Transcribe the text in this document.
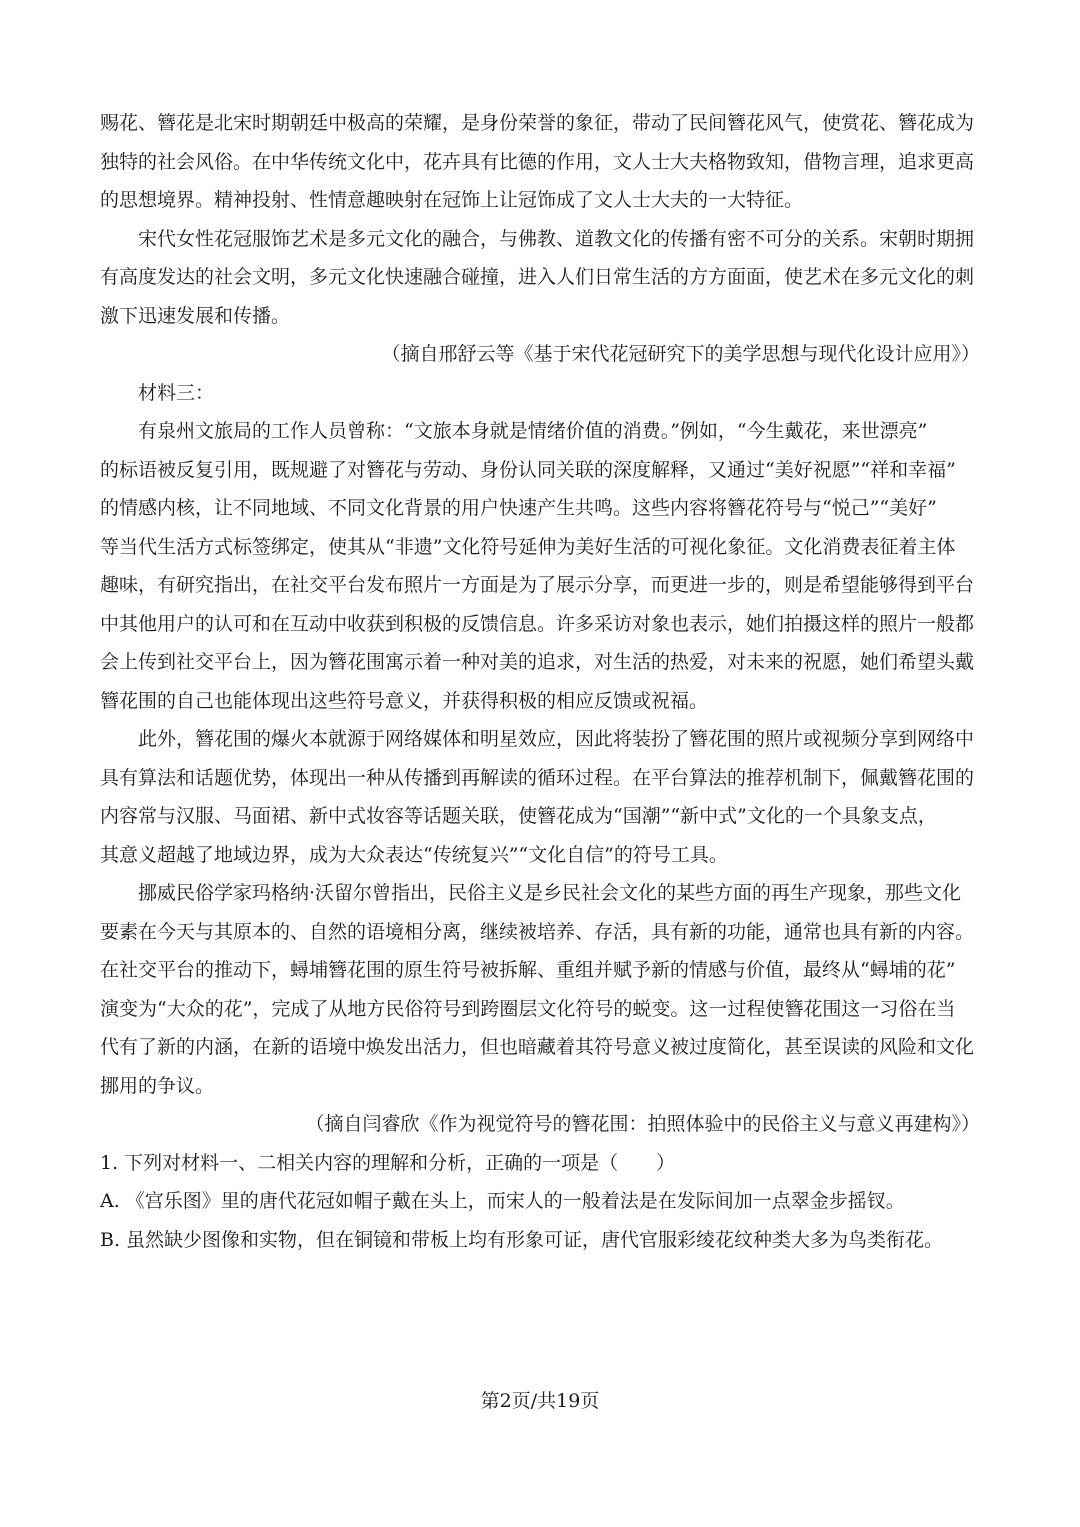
赐花、簪花是北宋时期朝廷中极高的荣耀，是身份荣誉的象征，带动了民间簪花风气，使赏花、簪花成为
独特的社会风俗。在中华传统文化中，花卉具有比德的作用，文人士大夫格物致知，借物言理，追求更高
的思想境界。精神投射、性情意趣映射在冠饰上让冠饰成了文人士大夫的一大特征。
宋代女性花冠服饰艺术是多元文化的融合，与佛教、道教文化的传播有密不可分的关系。宋朝时期拥
有高度发达的社会文明，多元文化快速融合碰撞，进入人们日常生活的方方面面，使艺术在多元文化的刺
激下迅速发展和传播。
（摘自邢舒云等《基于宋代花冠研究下的美学思想与现代化设计应用》）
材料三：
有泉州文旅局的工作人员曾称：“文旅本身就是情绪价值的消费。”例如，“今生戴花，来世漂亮”
的标语被反复引用，既规避了对簪花与劳动、身份认同关联的深度解释，又通过“美好祝愿”“祥和幸福”
的情感内核，让不同地域、不同文化背景的用户快速产生共鸣。这些内容将簪花符号与“悦己”“美好”
等当代生活方式标签绑定，使其从“非遗”文化符号延伸为美好生活的可视化象征。文化消费表征着主体
趣味，有研究指出，在社交平台发布照片一方面是为了展示分享，而更进一步的，则是希望能够得到平台
中其他用户的认可和在互动中收获到积极的反馈信息。许多采访对象也表示，她们拍摄这样的照片一般都
会上传到社交平台上，因为簪花围寓示着一种对美的追求，对生活的热爱，对未来的祝愿，她们希望头戴
簪花围的自己也能体现出这些符号意义，并获得积极的相应反馈或祝福。
此外，簪花围的爆火本就源于网络媒体和明星效应，因此将装扮了簪花围的照片或视频分享到网络中
具有算法和话题优势，体现出一种从传播到再解读的循环过程。在平台算法的推荐机制下，佩戴簪花围的
内容常与汉服、马面裙、新中式妆容等话题关联，使簪花成为“国潮”“新中式”文化的一个具象支点，
其意义超越了地域边界，成为大众表达“传统复兴”“文化自信”的符号工具。
挪威民俗学家玛格纳·沃留尔曾指出，民俗主义是乡民社会文化的某些方面的再生产现象，那些文化
要素在今天与其原本的、自然的语境相分离，继续被培养、存活，具有新的功能，通常也具有新的内容。
在社交平台的推动下，蟳埔簪花围的原生符号被拆解、重组并赋予新的情感与价值，最终从“蟳埔的花”
演变为“大众的花”，完成了从地方民俗符号到跨圈层文化符号的蜕变。这一过程使簪花围这一习俗在当
代有了新的内涵，在新的语境中焕发出活力，但也暗藏着其符号意义被过度简化，甚至误读的风险和文化
挪用的争议。
（摘自闫睿欣《作为视觉符号的簪花围：拍照体验中的民俗主义与意义再建构》）
1. 下列对材料一、二相关内容的理解和分析，正确的一项是（　　）
A. 《宫乐图》里的唐代花冠如帽子戴在头上，而宋人的一般着法是在发际间加一点翠金步摇钗。
B. 虽然缺少图像和实物，但在铜镜和带板上均有形象可证，唐代官服彩绫花纹种类大多为鸟类衔花。
第2页/共19页
